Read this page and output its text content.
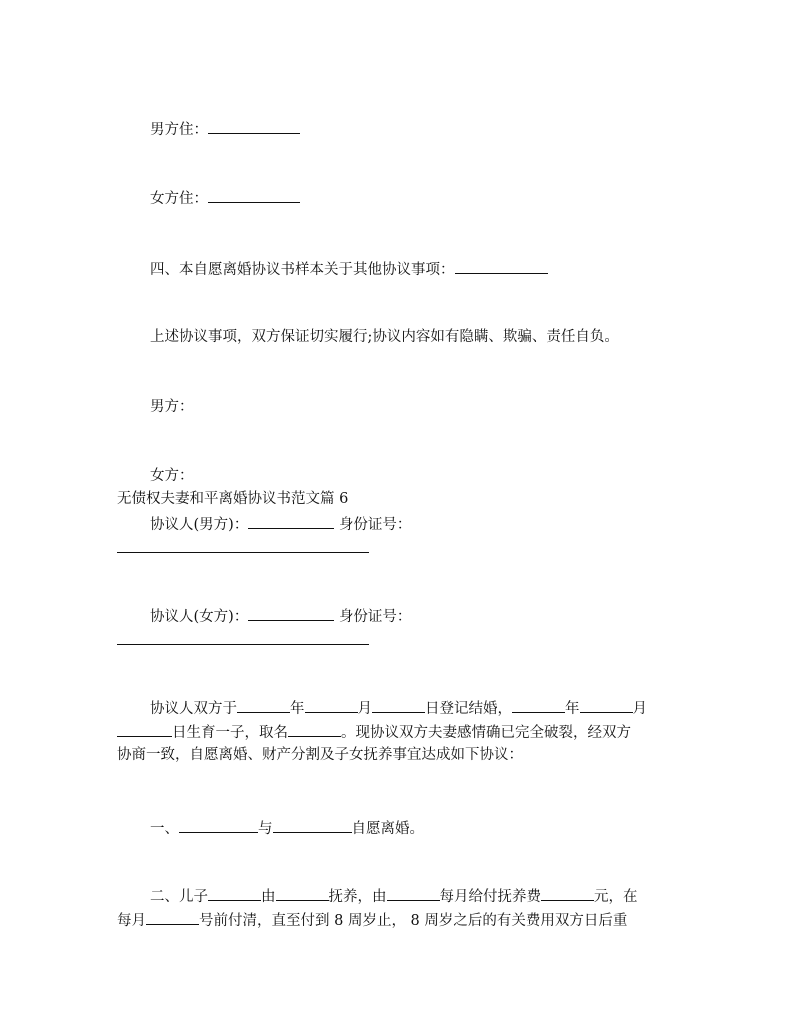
男方住：
女方住：
四、本自愿离婚协议书样本关于其他协议事项：
上述协议事项，双方保证切实履行;协议内容如有隐瞒、欺骗、责任自负。
男方：
女方：
无债权夫妻和平离婚协议书范文篇 6
协议人(男方)：	身份证号：
协议人(女方)：	身份证号：
协议人双方于	年	月	日登记结婚，	年	月
日生育一子，取名	。现协议双方夫妻感情确已完全破裂，经双方
协商一致，自愿离婚、财产分割及子女抚养事宜达成如下协议：
一、	与	自愿离婚。
二、儿子	由	抚养，由	每月给付抚养费	元，在
每月	号前付清，直至付到 8 周岁止， 8 周岁之后的有关费用双方日后重
